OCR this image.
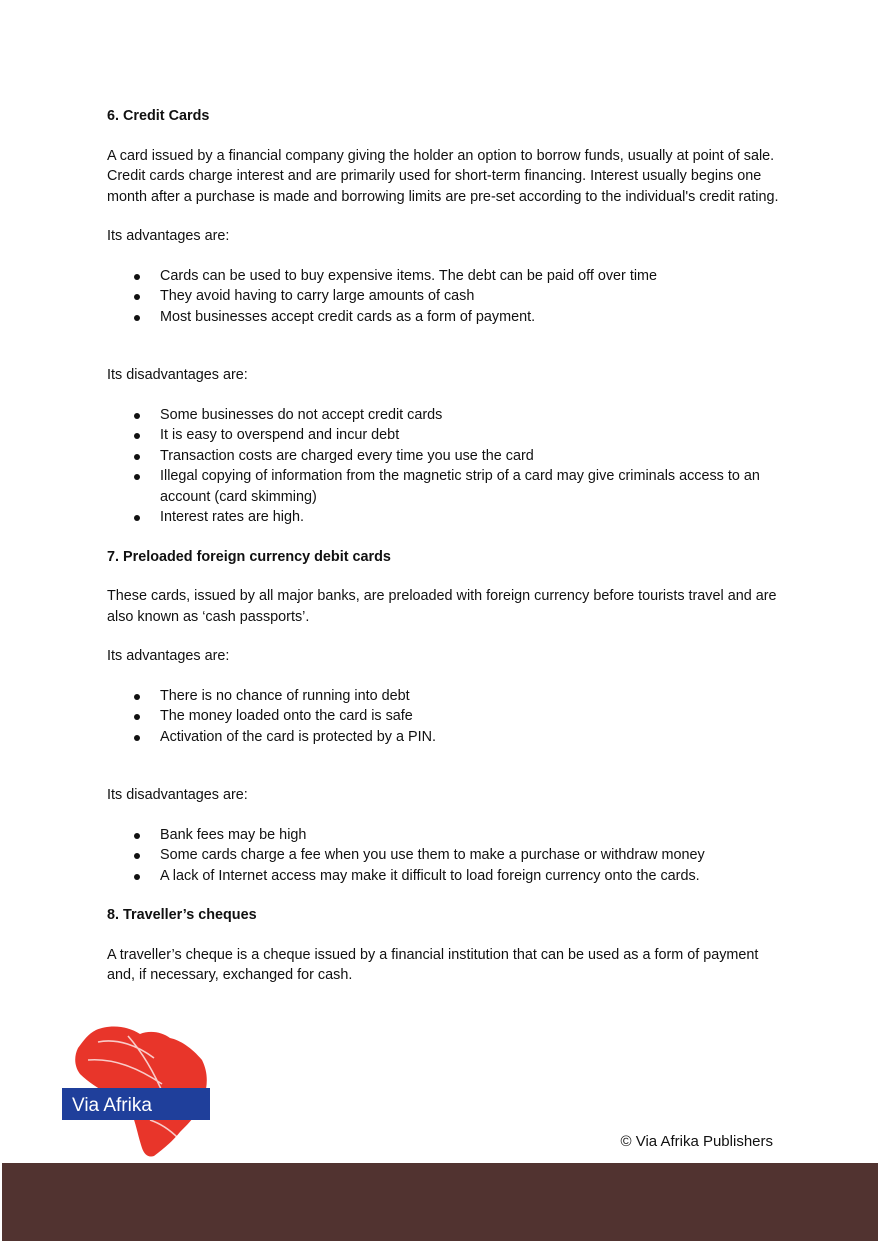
6. Credit Cards

A card issued by a financial company giving the holder an option to borrow funds, usually at point of sale. Credit cards charge interest and are primarily used for short-term financing. Interest usually begins one month after a purchase is made and borrowing limits are pre-set according to the individual's credit rating.

Its advantages are:

Cards can be used to buy expensive items. The debt can be paid off over time
They avoid having to carry large amounts of cash
Most businesses accept credit cards as a form of payment.

Its disadvantages are:

Some businesses do not accept credit cards
It is easy to overspend and incur debt
Transaction costs are charged every time you use the card
Illegal copying of information from the magnetic strip of a card may give criminals access to an account (card skimming)
Interest rates are high.
7. Preloaded foreign currency debit cards

These cards, issued by all major banks, are preloaded with foreign currency before tourists travel and are also known as ‘cash passports’.

Its advantages are:

There is no chance of running into debt
The money loaded onto the card is safe
Activation of the card is protected by a PIN.

Its disadvantages are:

Bank fees may be high
Some cards charge a fee when you use them to make a purchase or withdraw money
A lack of Internet access may make it difficult to load foreign currency onto the cards.
8. Traveller’s cheques

A traveller’s cheque is a cheque issued by a financial institution that can be used as a form of payment and, if necessary, exchanged for cash.

Via Afrika
© Via Afrika Publishers
